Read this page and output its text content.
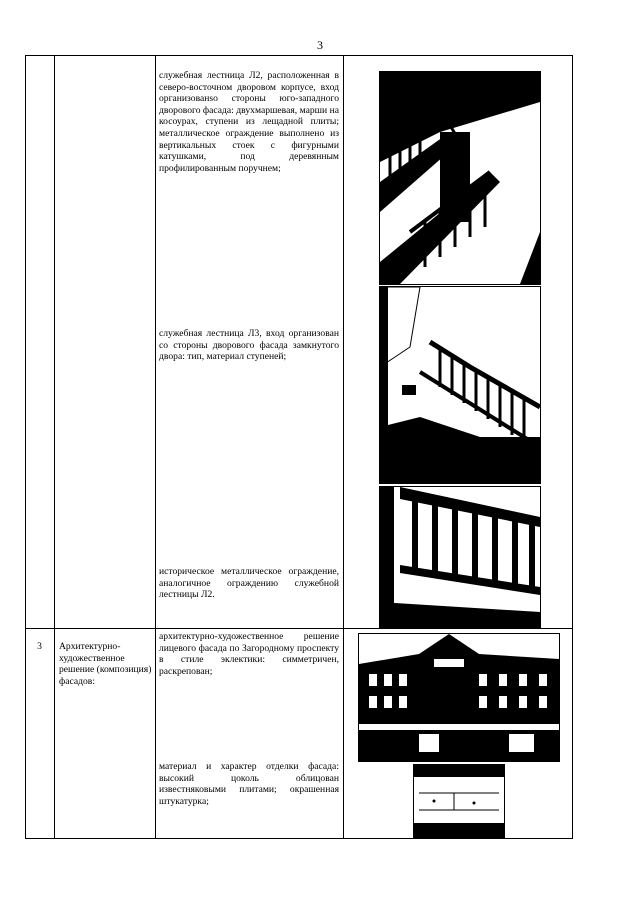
3
служебная лестница Л2, расположенная в северо-восточном дворовом корпусе, вход организованso стороны юго-западного дворового фасада: двухмаршевая, марши на косоурах, ступени из лещадной плиты; металлическое ограждение выполнено из вертикальных стоек с фигурными катушками, под деревянным профилированным поручнем;
служебная лестница Л3, вход организован со стороны дворового фасада замкнутого двора: тип, материал ступеней;
историческое металлическое ограждение, аналогичное ограждению служебной лестницы Л2.
3	Архитектурно-художественное решение (композиция) фасадов:
архитектурно-художественное решение лицевого фасада по Загородному проспекту в стиле эклектики: симметричен, раскрепован;
материал и характер отделки фасада: высокий цоколь облицован известняковыми плитами; окрашенная штукатурка;
